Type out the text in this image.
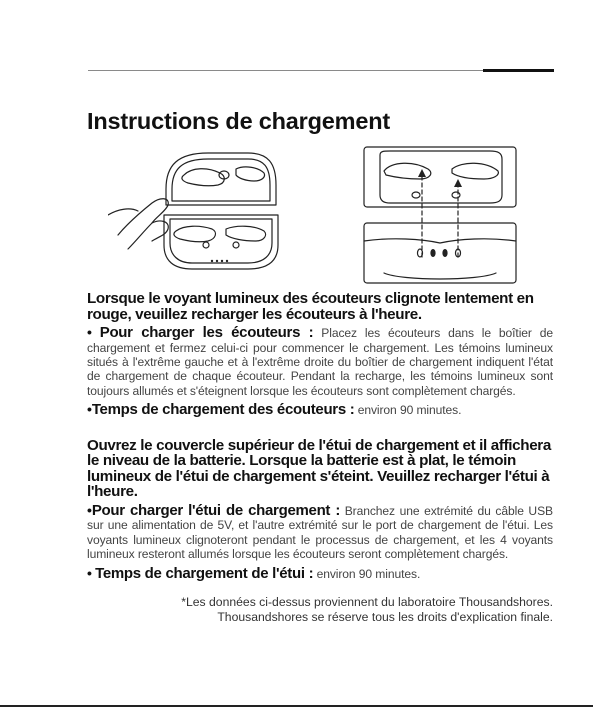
Instructions de chargement

Lorsque le voyant lumineux des écouteurs clignote lentement en rouge, veuillez recharger les écouteurs à l'heure.

• Pour charger les écouteurs : Placez les écouteurs dans le boîtier de chargement et fermez celui-ci pour commencer le chargement. Les témoins lumineux situés à l'extrême gauche et à l'extrême droite du boîtier de chargement indiquent l'état de chargement de chaque écouteur. Pendant la recharge, les témoins lumineux sont toujours allumés et s'éteignent lorsque les écouteurs sont complètement chargés.

•Temps de chargement des écouteurs : environ 90 minutes.

Ouvrez le couvercle supérieur de l'étui de chargement et il affichera le niveau de la batterie. Lorsque la batterie est à plat, le témoin lumineux de l'étui de chargement s'éteint. Veuillez recharger l'étui à l'heure.

•Pour charger l'étui de chargement : Branchez une extrémité du câble USB sur une alimentation de 5V, et l'autre extrémité sur le port de chargement de l'étui. Les voyants lumineux clignoteront pendant le processus de chargement, et les 4 voyants lumineux resteront allumés lorsque les écouteurs seront complètement chargés.

• Temps de chargement de l'étui : environ 90 minutes.

*Les données ci-dessus proviennent du laboratoire Thousandshores.
Thousandshores se réserve tous les droits d'explication finale.
